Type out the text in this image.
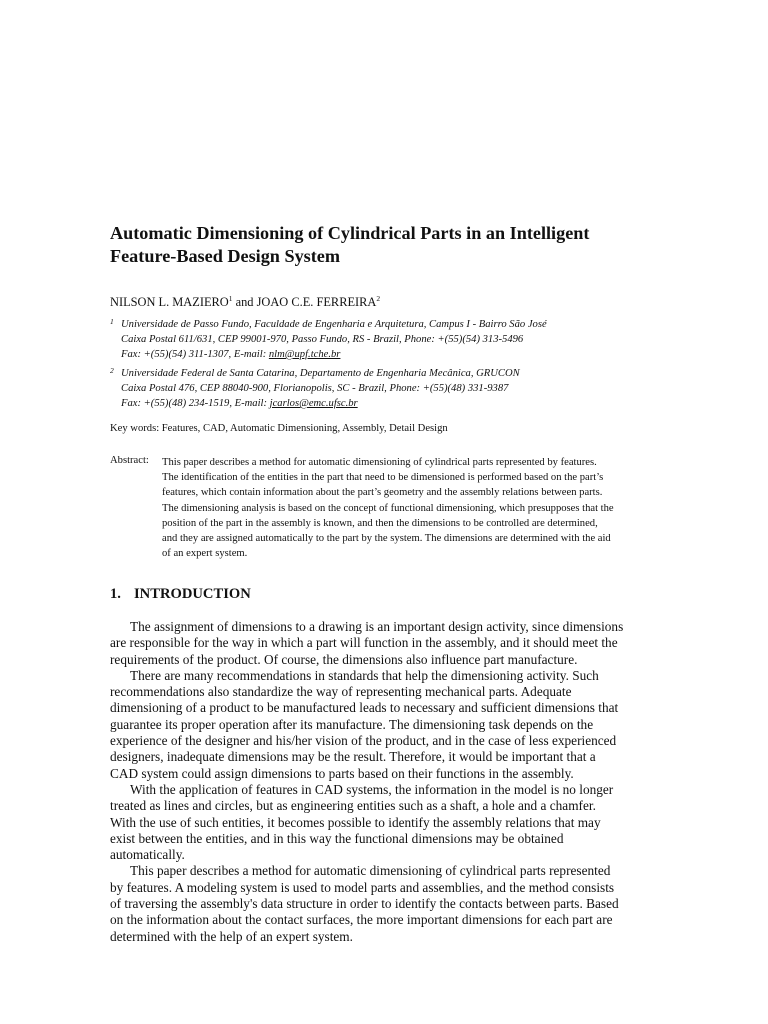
Automatic Dimensioning of Cylindrical Parts in an Intelligent
Feature-Based Design System
NILSON L. MAZIERO$^1$ and JOAO C.E. FERREIRA$^2$
1 Universidade de Passo Fundo, Faculdade de Engenharia e Arquitetura, Campus I - Bairro São José
Caixa Postal 611/631, CEP 99001-970, Passo Fundo, RS - Brazil, Phone: +(55)(54) 313-5496
Fax: +(55)(54) 311-1307, E-mail: nlm@upf.tche.br
2 Universidade Federal de Santa Catarina, Departamento de Engenharia Mecânica, GRUCON
Caixa Postal 476, CEP 88040-900, Florianopolis, SC - Brazil, Phone: +(55)(48) 331-9387
Fax: +(55)(48) 234-1519, E-mail: jcarlos@emc.ufsc.br
Key words: Features, CAD, Automatic Dimensioning, Assembly, Detail Design
Abstract: This paper describes a method for automatic dimensioning of cylindrical parts represented by features.
The identification of the entities in the part that need to be dimensioned is performed based on the part’s
features, which contain information about the part’s geometry and the assembly relations between parts.
The dimensioning analysis is based on the concept of functional dimensioning, which presupposes that the
position of the part in the assembly is known, and then the dimensions to be controlled are determined,
and they are assigned automatically to the part by the system. The dimensions are determined with the aid
of an expert system.
1. INTRODUCTION
The assignment of dimensions to a drawing is an important design activity, since dimensions
are responsible for the way in which a part will function in the assembly, and it should meet the
requirements of the product. Of course, the dimensions also influence part manufacture.
There are many recommendations in standards that help the dimensioning activity. Such
recommendations also standardize the way of representing mechanical parts. Adequate
dimensioning of a product to be manufactured leads to necessary and sufficient dimensions that
guarantee its proper operation after its manufacture. The dimensioning task depends on the
experience of the designer and his/her vision of the product, and in the case of less experienced
designers, inadequate dimensions may be the result. Therefore, it would be important that a
CAD system could assign dimensions to parts based on their functions in the assembly.
With the application of features in CAD systems, the information in the model is no longer
treated as lines and circles, but as engineering entities such as a shaft, a hole and a chamfer.
With the use of such entities, it becomes possible to identify the assembly relations that may
exist between the entities, and in this way the functional dimensions may be obtained
automatically.
This paper describes a method for automatic dimensioning of cylindrical parts represented
by features. A modeling system is used to model parts and assemblies, and the method consists
of traversing the assembly's data structure in order to identify the contacts between parts. Based
on the information about the contact surfaces, the more important dimensions for each part are
determined with the help of an expert system.
